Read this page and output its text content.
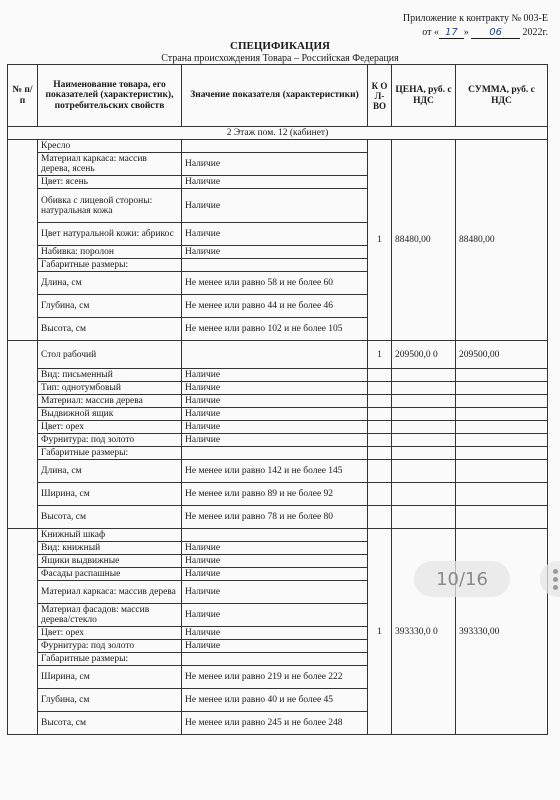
Приложение к контракту № 003-Е
от « 17 » 06 2022г.
СПЕЦИФИКАЦИЯ
Страна происхождения Товара – Российская Федерация
№ п/п	Наименование товара, его показателей (характеристик), потребительских свойств	Значение показателя (характеристики)	К О Л- ВО	ЦЕНА, руб. с НДС	СУММА, руб. с НДС
2 Этаж пом. 12 (кабинет)					
	Кресло		1	88480,00	88480,00
	Материал каркаса: массив дерева, ясень	Наличие			
	Цвет: ясень	Наличие			
	Обивка с лицевой стороны: натуральная кожа	Наличие			
	Цвет натуральной кожи: абрикос	Наличие			
	Набивка: поролон	Наличие			
	Габаритные размеры:				
	Длина, см	Не менее или равно 58 и не более 60			
	Глубина, см	Не менее или равно 44 и не более 46			
	Высота, см	Не менее или равно 102 и не более 105			
	Стол рабочий		1	209500,0 0	209500,00
	Вид: письменный	Наличие			
	Тип: однотумбовый	Наличие			
	Материал: массив дерева	Наличие			
	Выдвижной ящик	Наличие			
	Цвет: орех	Наличие			
	Фурнитура: под золото	Наличие			
	Габаритные размеры:				
	Длина, см	Не менее или равно 142 и не более 145			
	Ширина, см	Не менее или равно 89 и не более 92			
	Высота, см	Не менее или равно 78 и не более 80			
	Книжный шкаф		1	393330,0 0	393330,00
	Вид: книжный	Наличие			
	Ящики выдвижные	Наличие			
	Фасады распашные	Наличие			
	Материал каркаса: массив дерева	Наличие			
	Материал фасадов: массив дерева/стекло	Наличие			
	Цвет: орех	Наличие			
	Фурнитура: под золото	Наличие			
	Габаритные размеры:				
	Ширина, см	Не менее или равно 219 и не более 222			
	Глубина, см	Не менее или равно 40 и не более 45			
	Высота, см	Не менее или равно 245 и не более 248			
10/16
